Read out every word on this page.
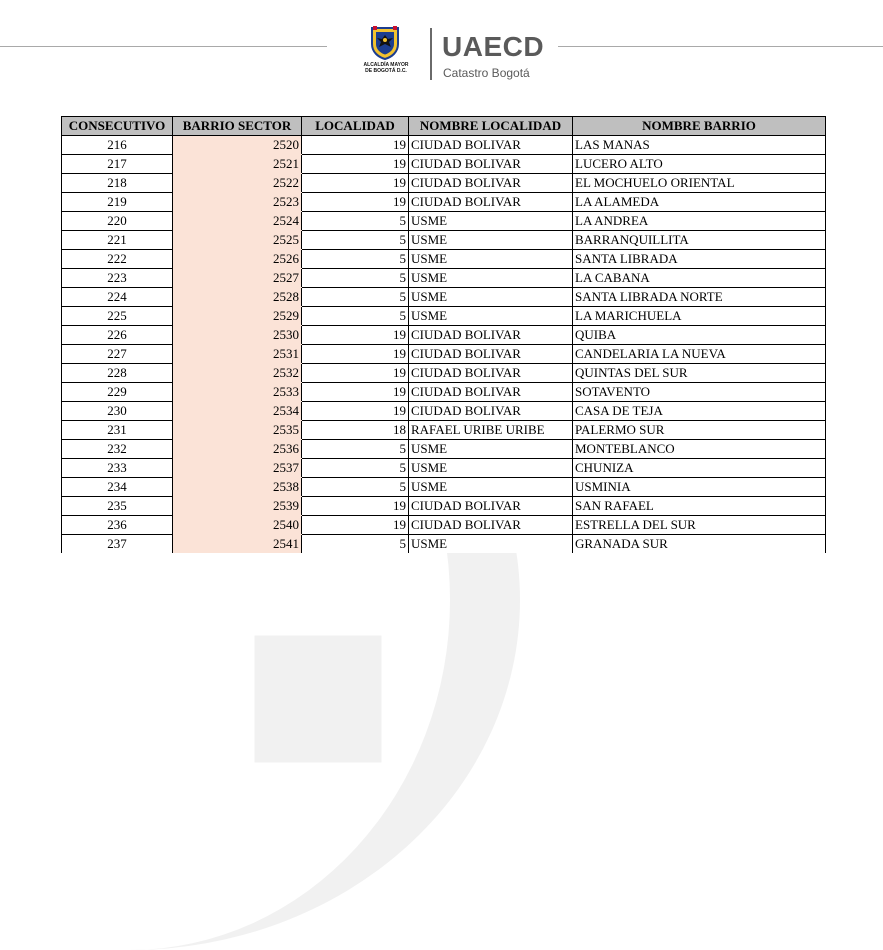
ALCALDÍA MAYOR
DE BOGOTÁ D.C.
UAECD
Catastro Bogotá
CONSECUTIVO	BARRIO SECTOR	LOCALIDAD	NOMBRE LOCALIDAD	NOMBRE BARRIO
216	2520	19	CIUDAD BOLIVAR	LAS MANAS
217	2521	19	CIUDAD BOLIVAR	LUCERO ALTO
218	2522	19	CIUDAD BOLIVAR	EL MOCHUELO ORIENTAL
219	2523	19	CIUDAD BOLIVAR	LA ALAMEDA
220	2524	5	USME	LA ANDREA
221	2525	5	USME	BARRANQUILLITA
222	2526	5	USME	SANTA LIBRADA
223	2527	5	USME	LA CABANA
224	2528	5	USME	SANTA LIBRADA NORTE
225	2529	5	USME	LA MARICHUELA
226	2530	19	CIUDAD BOLIVAR	QUIBA
227	2531	19	CIUDAD BOLIVAR	CANDELARIA LA NUEVA
228	2532	19	CIUDAD BOLIVAR	QUINTAS DEL SUR
229	2533	19	CIUDAD BOLIVAR	SOTAVENTO
230	2534	19	CIUDAD BOLIVAR	CASA DE TEJA
231	2535	18	RAFAEL URIBE URIBE	PALERMO SUR
232	2536	5	USME	MONTEBLANCO
233	2537	5	USME	CHUNIZA
234	2538	5	USME	USMINIA
235	2539	19	CIUDAD BOLIVAR	SAN RAFAEL
236	2540	19	CIUDAD BOLIVAR	ESTRELLA DEL SUR
237	2541	5	USME	GRANADA SUR
